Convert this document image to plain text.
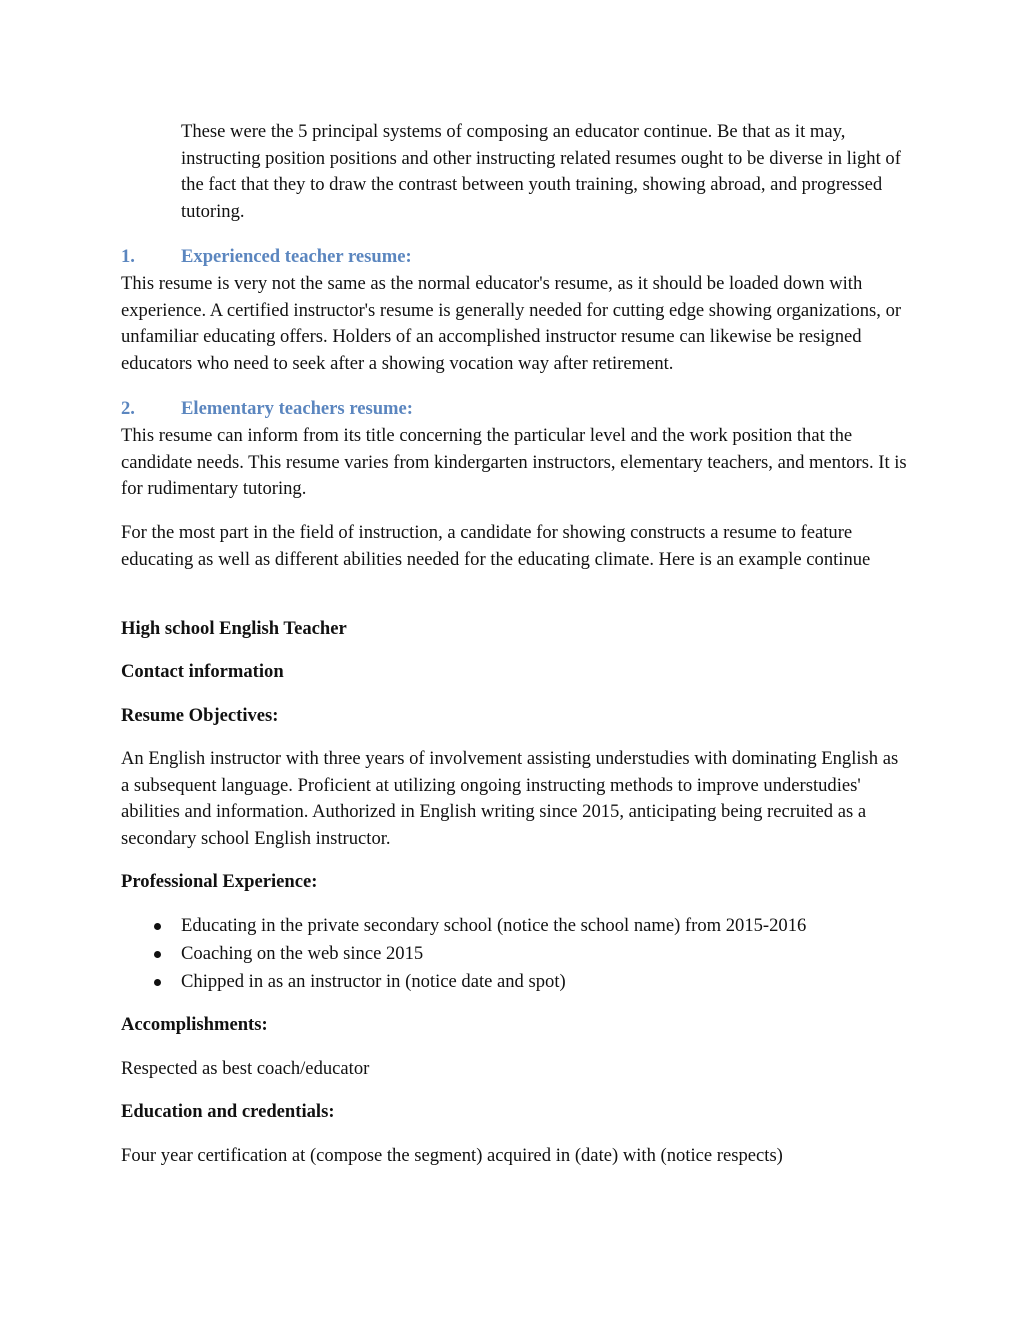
These were the 5 principal systems of composing an educator continue. Be that as it may, instructing position positions and other instructing related resumes ought to be diverse in light of the fact that they to draw the contrast between youth training, showing abroad, and progressed tutoring.

1. Experienced teacher resume:

This resume is very not the same as the normal educator's resume, as it should be loaded down with experience. A certified instructor's resume is generally needed for cutting edge showing organizations, or unfamiliar educating offers. Holders of an accomplished instructor resume can likewise be resigned educators who need to seek after a showing vocation way after retirement.

2. Elementary teachers resume:

This resume can inform from its title concerning the particular level and the work position that the candidate needs. This resume varies from kindergarten instructors, elementary teachers, and mentors. It is for rudimentary tutoring.

For the most part in the field of instruction, a candidate for showing constructs a resume to feature educating as well as different abilities needed for the educating climate. Here is an example continue

High school English Teacher

Contact information

Resume Objectives:

An English instructor with three years of involvement assisting understudies with dominating English as a subsequent language. Proficient at utilizing ongoing instructing methods to improve understudies' abilities and information. Authorized in English writing since 2015, anticipating being recruited as a secondary school English instructor.

Professional Experience:

Educating in the private secondary school (notice the school name) from 2015-2016
Coaching on the web since 2015
Chipped in as an instructor in (notice date and spot)

Accomplishments:

Respected as best coach/educator

Education and credentials:

Four year certification at (compose the segment) acquired in (date) with (notice respects)
